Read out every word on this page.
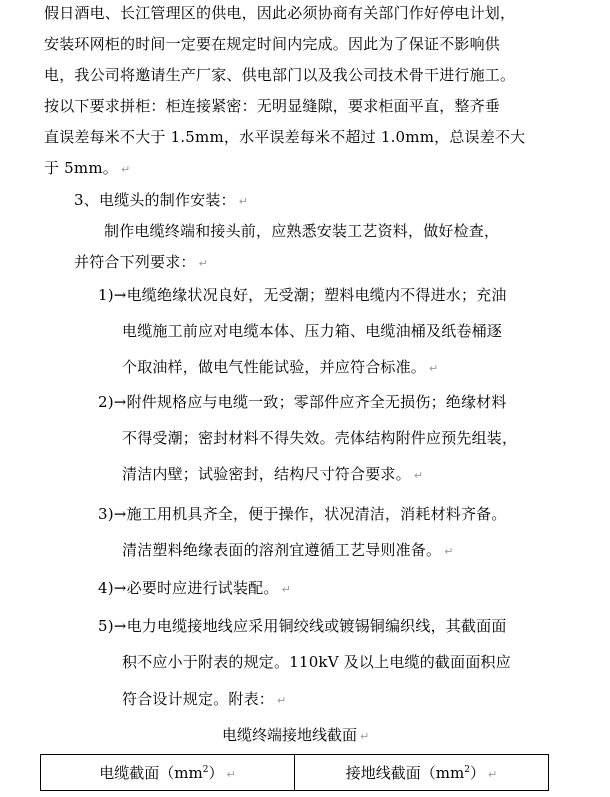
假日酒电、长江管理区的供电，因此必须协商有关部门作好停电计划，
安装环网柜的时间一定要在规定时间内完成。因此为了保证不影响供
电，我公司将邀请生产厂家、供电部门以及我公司技术骨干进行施工。
按以下要求拼柜：柜连接紧密：无明显缝隙，要求柜面平直，整齐垂
直误差每米不大于 1.5mm，水平误差每米不超过 1.0mm，总误差不大
于 5mm。 ↵
3、电缆头的制作安装： ↵
制作电缆终端和接头前，应熟悉安装工艺资料，做好检查，
并符合下列要求： ↵
1)→电缆绝缘状况良好，无受潮；塑料电缆内不得进水；充油
电缆施工前应对电缆本体、压力箱、电缆油桶及纸卷桶逐
个取油样，做电气性能试验，并应符合标准。 ↵
2)→附件规格应与电缆一致；零部件应齐全无损伤；绝缘材料
不得受潮；密封材料不得失效。壳体结构附件应预先组装，
清洁内壁；试验密封，结构尺寸符合要求。 ↵
3)→施工用机具齐全，便于操作，状况清洁，消耗材料齐备。
清洁塑料绝缘表面的溶剂宜遵循工艺导则准备。 ↵
4)→必要时应进行试装配。 ↵
5)→电力电缆接地线应采用铜绞线或镀锡铜编织线，其截面面
积不应小于附表的规定。110kV 及以上电缆的截面面积应
符合设计规定。附表： ↵
电缆终端接地线截面 ↵
电缆截面$(mm^2)$ ↵	接地线截面$(mm^2)$ ↵
